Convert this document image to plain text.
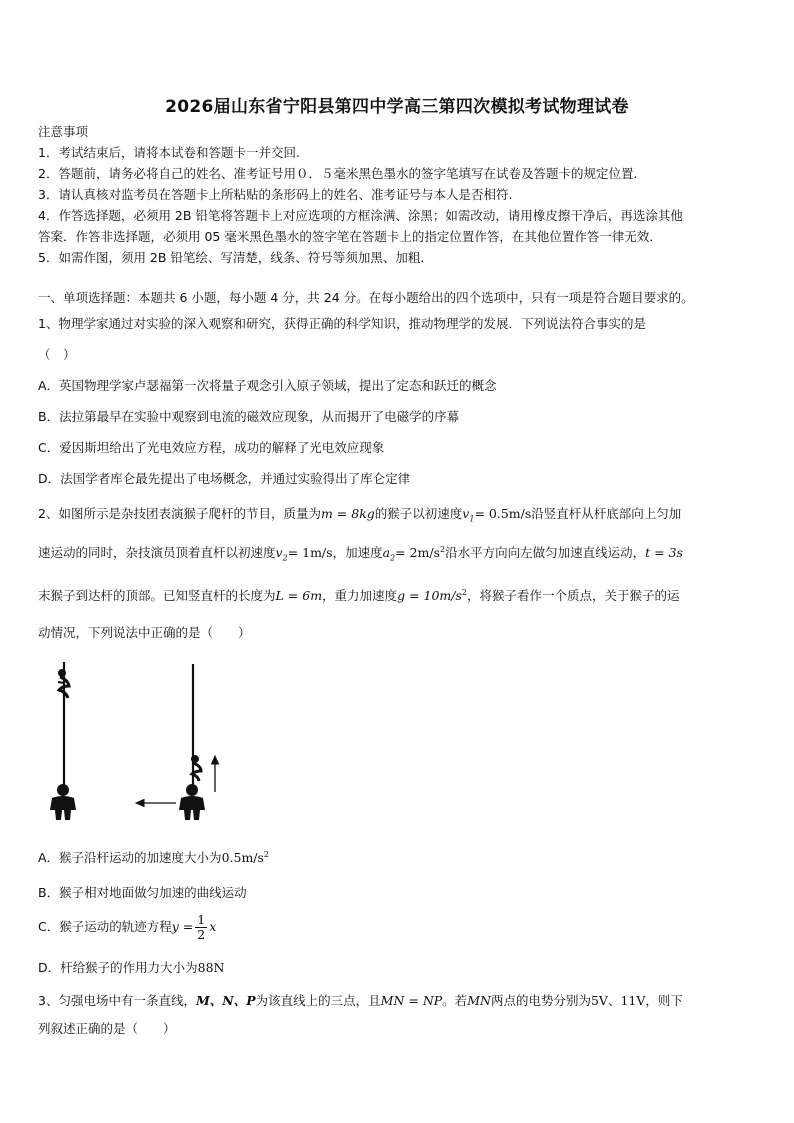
2026届山东省宁阳县第四中学高三第四次模拟考试物理试卷
注意事项
1．考试结束后，请将本试卷和答题卡一并交回.
2．答题前，请务必将自己的姓名、准考证号用０．５毫米黑色墨水的签字笔填写在试卷及答题卡的规定位置.
3．请认真核对监考员在答题卡上所粘贴的条形码上的姓名、准考证号与本人是否相符.
4．作答选择题，必须用 2B 铅笔将答题卡上对应选项的方框涂满、涂黑；如需改动，请用橡皮擦干净后，再选涂其他
答案．作答非选择题，必须用 05 毫米黑色墨水的签字笔在答题卡上的指定位置作答，在其他位置作答一律无效．
5．如需作图，须用 2B 铅笔绘、写清楚，线条、符号等须加黑、加粗．
一、单项选择题：本题共 6 小题，每小题 4 分，共 24 分。在每小题给出的四个选项中，只有一项是符合题目要求的。
1、物理学家通过对实验的深入观察和研究，获得正确的科学知识，推动物理学的发展．下列说法符合事实的是
（　）
A．英国物理学家卢瑟福第一次将量子观念引入原子领域，提出了定态和跃迁的概念
B．法拉第最早在实验中观察到电流的磁效应现象，从而揭开了电磁学的序幕
C．爱因斯坦给出了光电效应方程，成功的解释了光电效应现象
D．法国学者库仑最先提出了电场概念，并通过实验得出了库仑定律
2、如图所示是杂技团表演猴子爬杆的节目，质量为m = 8kg的猴子以初速度$v_1= 0.5m/s$沿竖直杆从杆底部向上匀加
速运动的同时，杂技演员顶着直杆以初速度$v_2= 1m/s$，加速度$a_2= 2m/s^2$沿水平方向向左做匀加速直线运动，t = 3s
末猴子到达杆的顶部。已知竖直杆的长度为L = 6m，重力加速度$g = 10m/s^2$，将猴子看作一个质点，关于猴子的运
动情况，下列说法中正确的是（　　）
A．猴子沿杆运动的加速度大小为$0.5m/s^2$
B．猴子相对地面做匀加速的曲线运动
C．猴子运动的轨迹方程$y = \frac{1}{2}$ x
D．杆给猴子的作用力大小为88N
3、匀强电场中有一条直线，M、N、P为该直线上的三点，且MN = NP。若MN两点的电势分别为5V、11V，则下
列叙述正确的是（　　）
